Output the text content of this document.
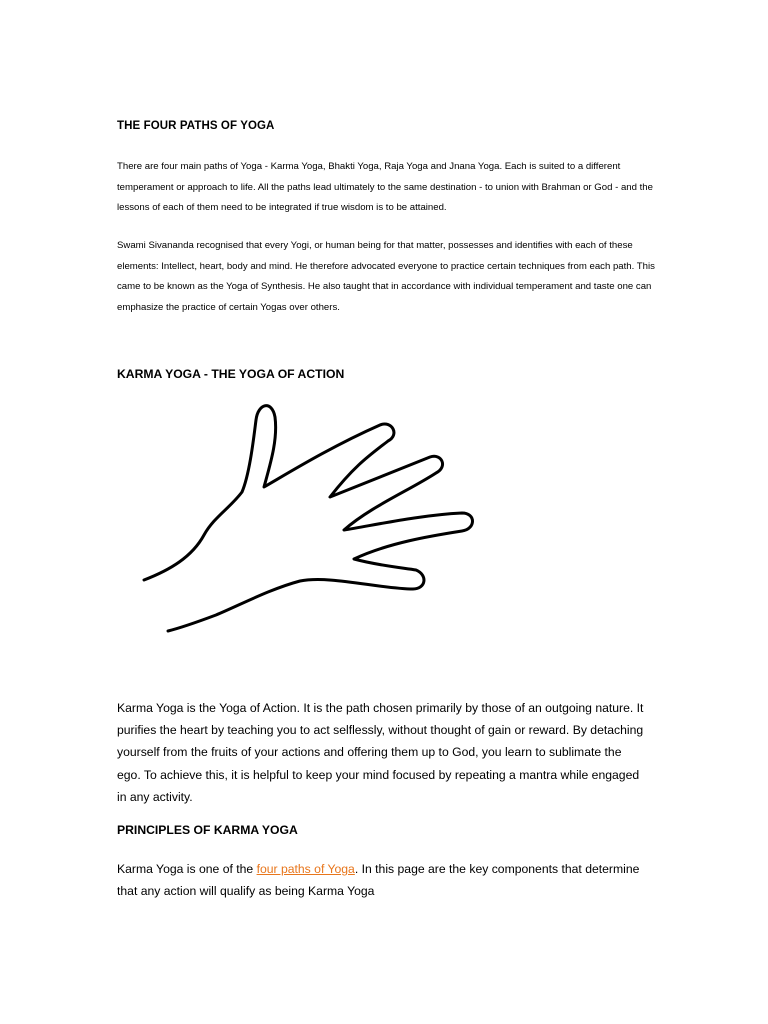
THE FOUR PATHS OF YOGA

There are four main paths of Yoga - Karma Yoga, Bhakti Yoga, Raja Yoga and Jnana Yoga. Each is suited to a different temperament or approach to life. All the paths lead ultimately to the same destination - to union with Brahman or God - and the lessons of each of them need to be integrated if true wisdom is to be attained.

Swami Sivananda recognised that every Yogi, or human being for that matter, possesses and identifies with each of these elements: Intellect, heart, body and mind. He therefore advocated everyone to practice certain techniques from each path. This came to be known as the Yoga of Synthesis. He also taught that in accordance with individual temperament and taste one can emphasize the practice of certain Yogas over others.

KARMA YOGA - THE YOGA OF ACTION

Karma Yoga is the Yoga of Action. It is the path chosen primarily by those of an outgoing nature. It purifies the heart by teaching you to act selflessly, without thought of gain or reward. By detaching yourself from the fruits of your actions and offering them up to God, you learn to sublimate the ego. To achieve this, it is helpful to keep your mind focused by repeating a mantra while engaged in any activity.

PRINCIPLES OF KARMA YOGA

Karma Yoga is one of the four paths of Yoga. In this page are the key components that determine that any action will qualify as being Karma Yoga
